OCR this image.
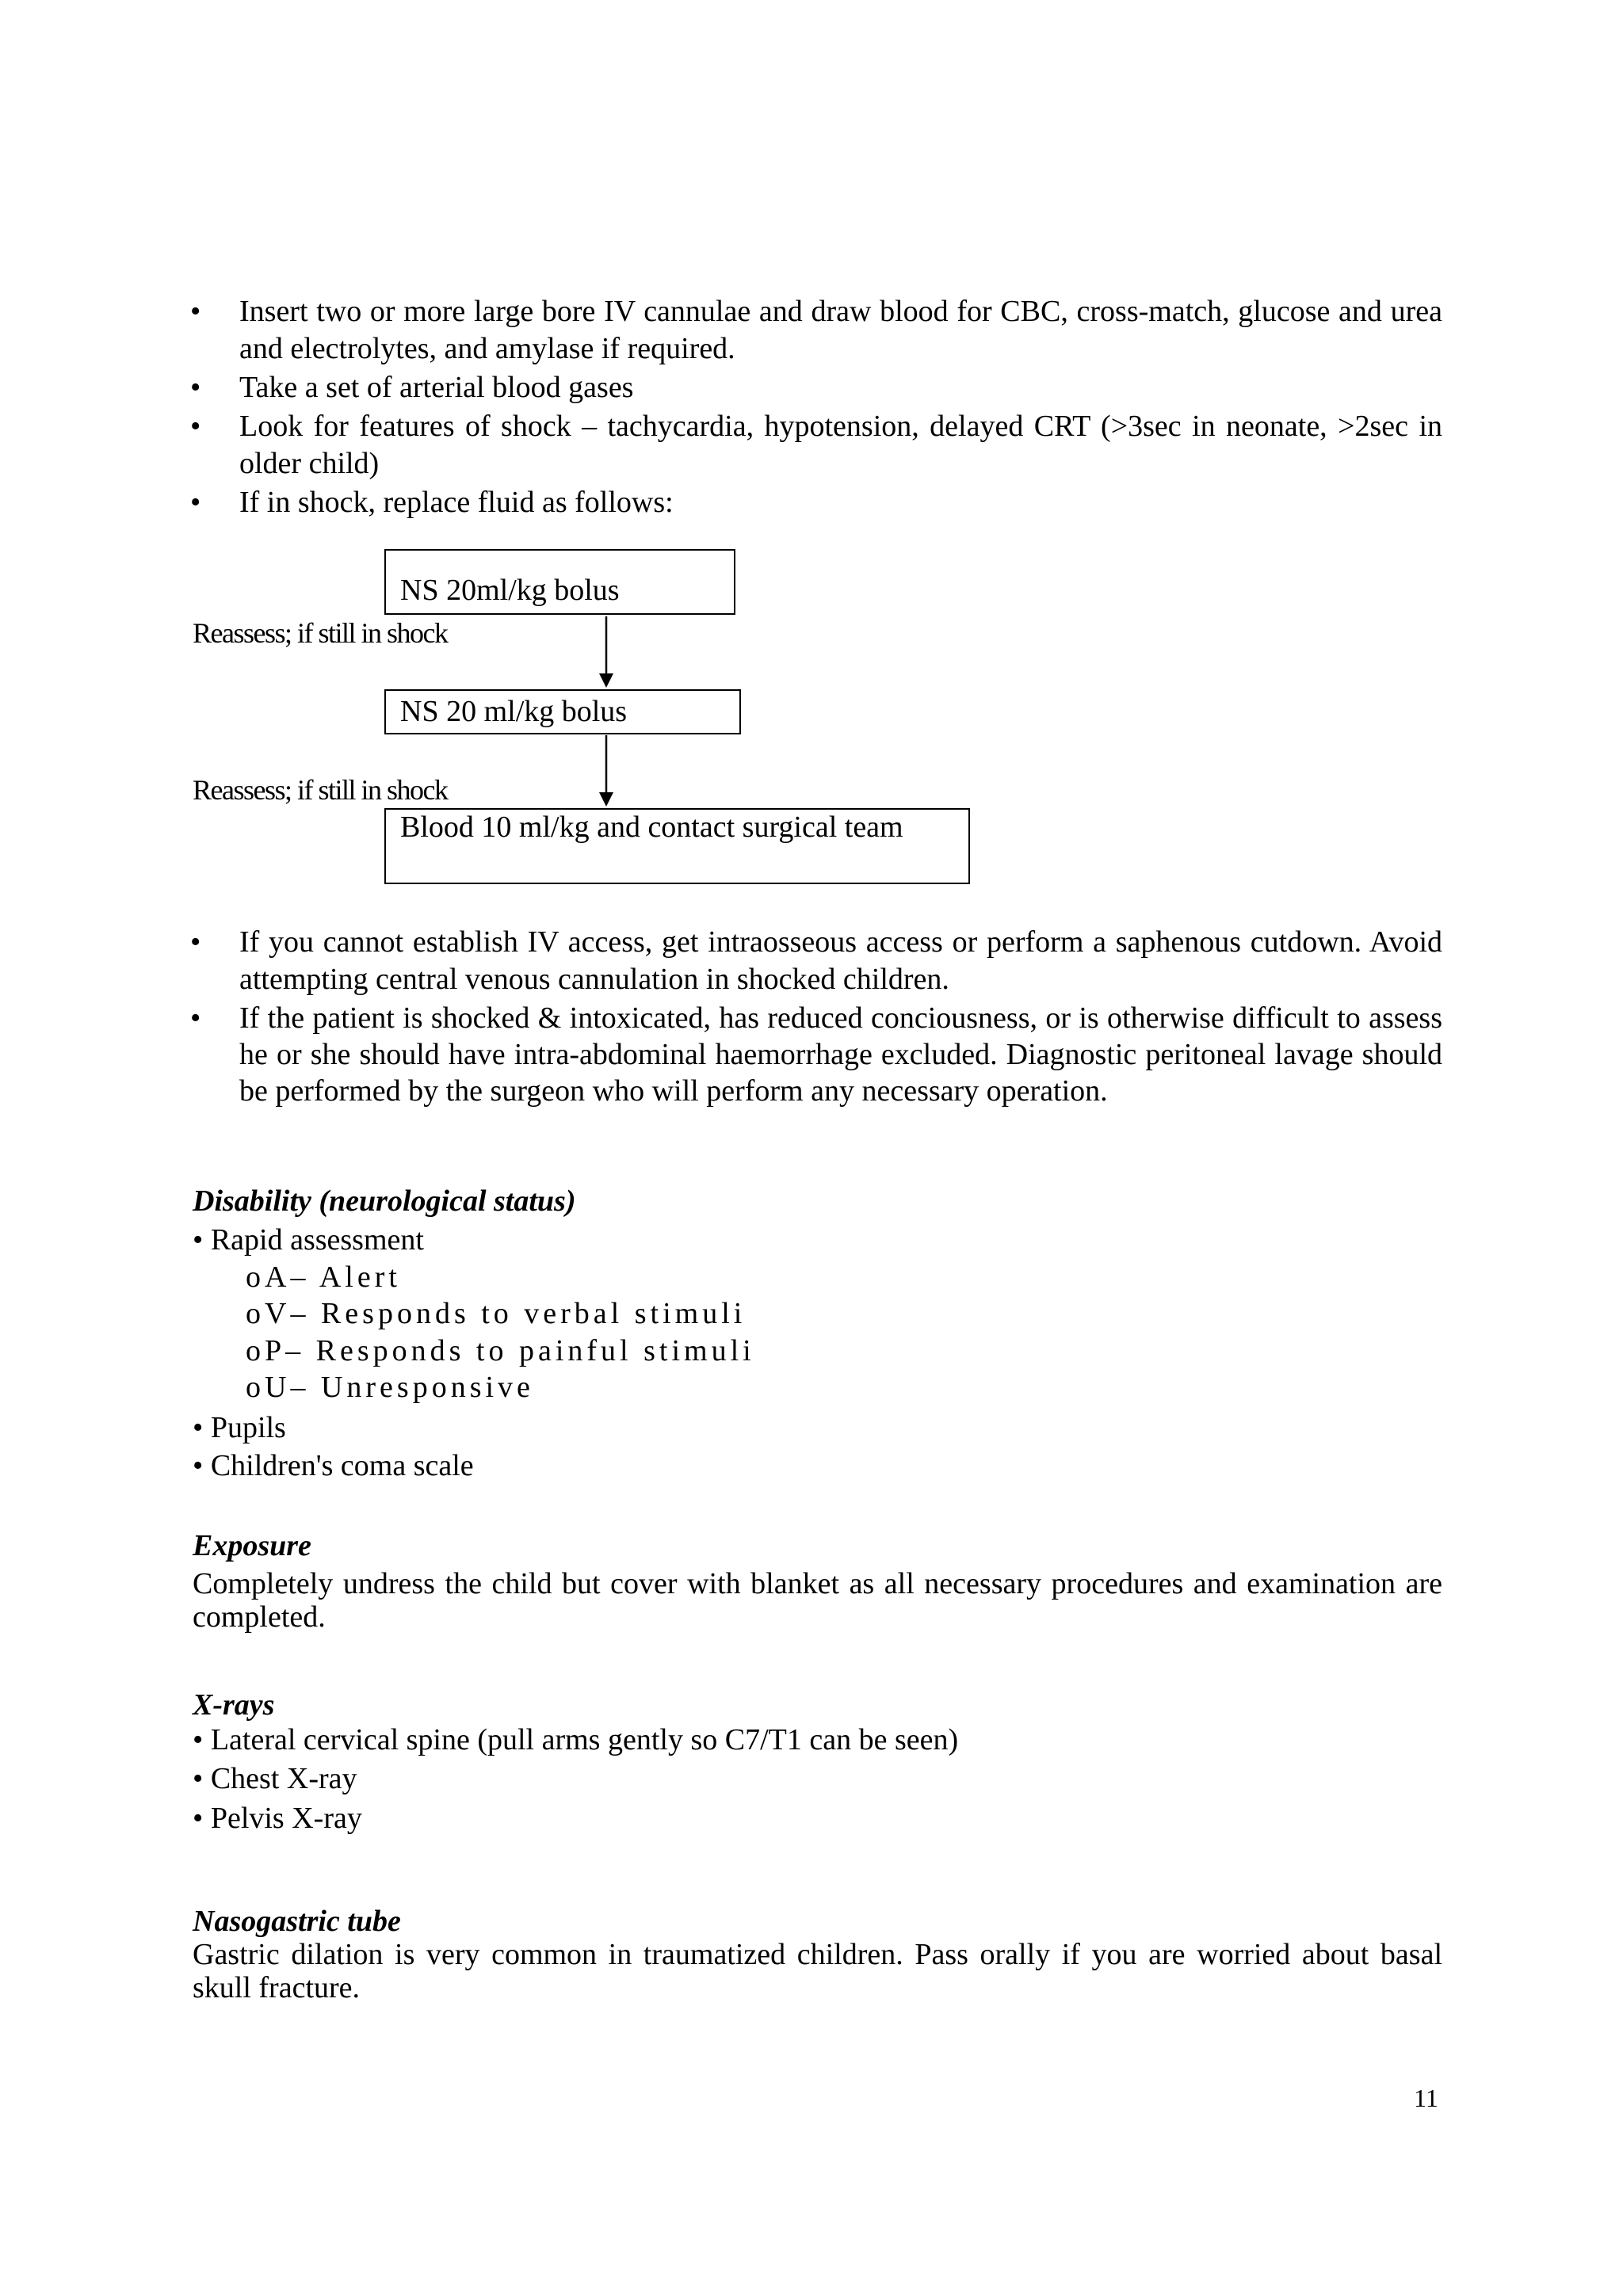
• Insert two or more large bore IV cannulae and draw blood for CBC, cross-match, glucose and urea and electrolytes, and amylase if required.
• Take a set of arterial blood gases
• Look for features of shock – tachycardia, hypotension, delayed CRT (>3sec in neonate, >2sec in older child)
• If in shock, replace fluid as follows:
NS 20ml/kg bolus
Reassess; if still in shock
NS 20 ml/kg bolus
Reassess; if still in shock
Blood 10 ml/kg and contact surgical team
• If you cannot establish IV access, get intraosseous access or perform a saphenous cutdown. Avoid attempting central venous cannulation in shocked children.
• If the patient is shocked & intoxicated, has reduced conciousness, or is otherwise difficult to assess he or she should have intra-abdominal haemorrhage excluded. Diagnostic peritoneal lavage should be performed by the surgeon who will perform any necessary operation.
Disability (neurological status)
• Rapid assessment
oA– Alert
oV– Responds to verbal stimuli
oP– Responds to painful stimuli
oU– Unresponsive
• Pupils
• Children's coma scale
Exposure
Completely undress the child but cover with blanket as all necessary procedures and examination are completed.
X-rays
• Lateral cervical spine (pull arms gently so C7/T1 can be seen)
• Chest X-ray
• Pelvis X-ray
Nasogastric tube
Gastric dilation is very common in traumatized children. Pass orally if you are worried about basal skull fracture.
11
